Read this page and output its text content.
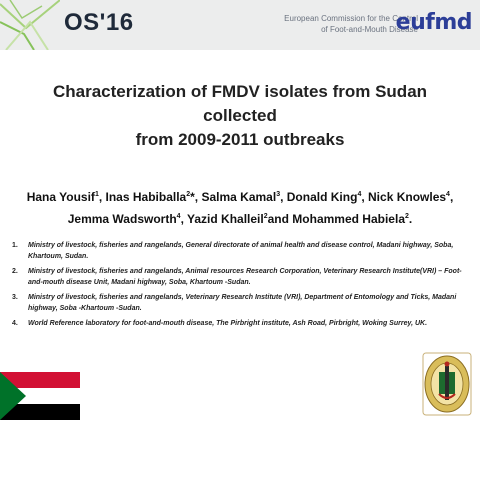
OS'16	European Commission for the Control
of Foot-and-Mouth Disease
eufmd
Characterization of FMDV isolates from Sudan collected
from 2009-2011 outbreaks
Hana Yousif$^1$, Inas Habiballa$^2$*, Salma Kamal$^3$, Donald King$^4$, Nick Knowles$^4$, Jemma Wadsworth$^4$, Yazid Khalleil$^2$and Mohammed Habiela$^2$.
1. Ministry of livestock, fisheries and rangelands, General directorate of animal health and disease control, Madani highway, Soba, Khartoum, Sudan.
2. Ministry of livestock, fisheries and rangelands, Animal resources Research Corporation, Veterinary Research Institute(VRI) – Foot-and-mouth disease Unit, Madani highway, Soba, Khartoum -Sudan.
3. Ministry of livestock, fisheries and rangelands, Veterinary Research Institute (VRI), Department of Entomology and Ticks, Madani highway, Soba -Khartoum -Sudan.
4. World Reference laboratory for foot-and-mouth disease, The Pirbright institute, Ash Road, Pirbright, Woking Surrey, UK.
